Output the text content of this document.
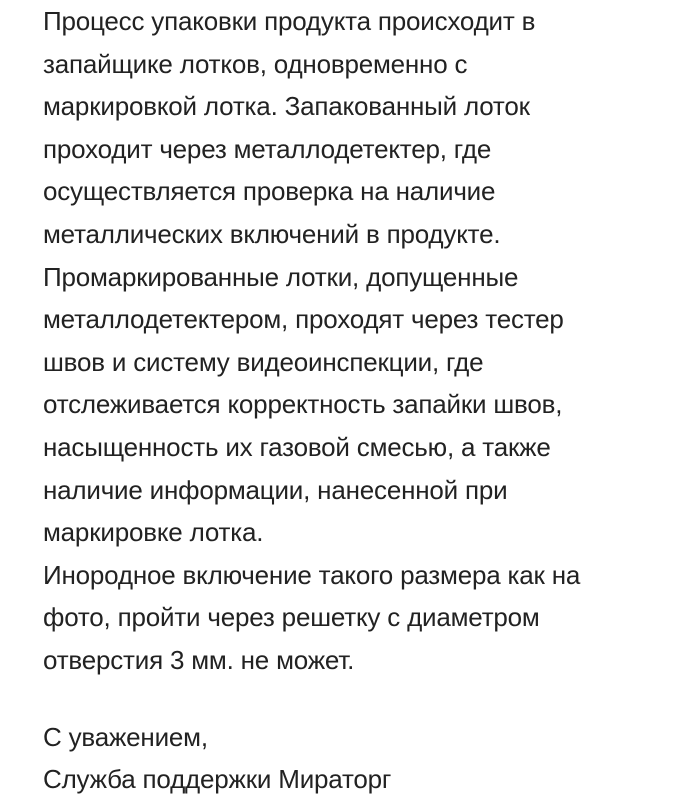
Процесс упаковки продукта происходит в
запайщике лотков, одновременно с
маркировкой лотка. Запакованный лоток
проходит через металлодетектер, где
осуществляется проверка на наличие
металлических включений в продукте.
Промаркированные лотки, допущенные
металлодетектером, проходят через тестер
швов и систему видеоинспекции, где
отслеживается корректность запайки швов,
насыщенность их газовой смесью, а также
наличие информации, нанесенной при
маркировке лотка.
Инородное включение такого размера как на
фото, пройти через решетку с диаметром
отверстия 3 мм. не может.
С уважением,
Служба поддержки Мираторг
